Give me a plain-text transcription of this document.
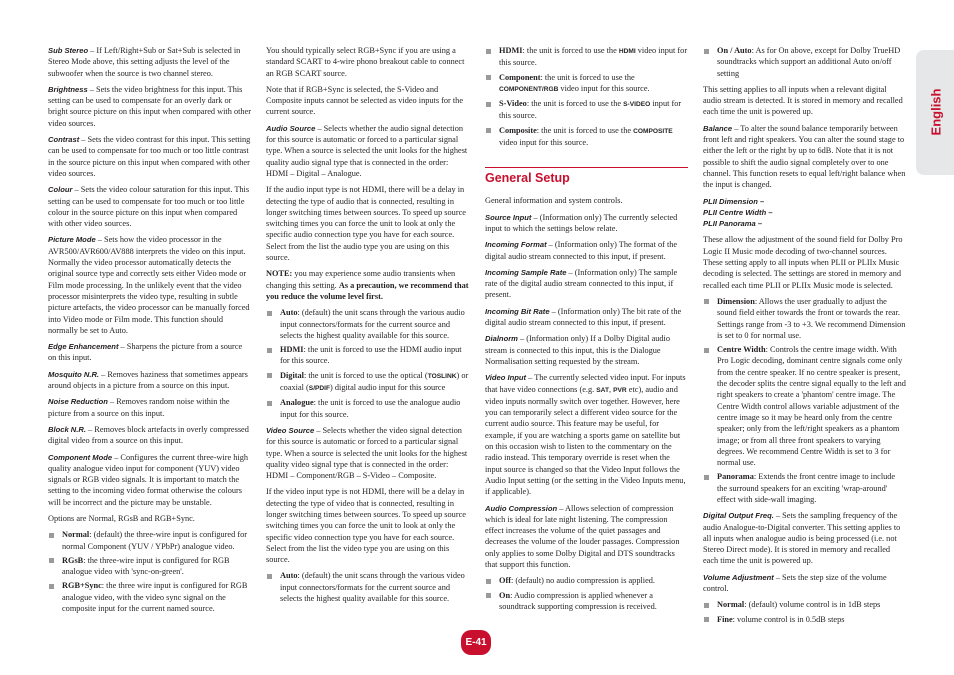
Sub Stereo – If Left/Right+Sub or Sat+Sub is selected in Stereo Mode above, this setting adjusts the level of the subwoofer when the source is two channel stereo.

Brightness – Sets the video brightness for this input. This setting can be used to compensate for an overly dark or bright source picture on this input when compared with other video sources.

Contrast – Sets the video contrast for this input. This setting can be used to compensate for too much or too little contrast in the source picture on this input when compared with other video sources.

Colour – Sets the video colour saturation for this input. This setting can be used to compensate for too much or too little colour in the source picture on this input when compared with other video sources.

Picture Mode – Sets how the video processor in the AVR500/AVR600/AV888 interprets the video on this input. Normally the video processor automatically detects the original source type and correctly sets either Video mode or Film mode processing. In the unlikely event that the video processor misinterprets the video type, resulting in subtle picture artefacts, the video processor can be manually forced into Video mode or Film mode. This function should normally be set to Auto.

Edge Enhancement – Sharpens the picture from a source on this input.

Mosquito N.R. – Removes haziness that sometimes appears around objects in a picture from a source on this input.

Noise Reduction – Removes random noise within the picture from a source on this input.

Block N.R. – Removes block artefacts in overly compressed digital video from a source on this input.

Component Mode – Configures the current three-wire high quality analogue video input for component (YUV) video signals or RGB video signals. It is important to match the setting to the incoming video format otherwise the colours will be incorrect and the picture may be unstable.

Options are Normal, RGsB and RGB+Sync.

Normal: (default) the three-wire input is configured for normal Component (YUV / YPbPr) analogue video.
RGsB: the three-wire input is configured for RGB analogue video with 'sync-on-green'.
RGB+Sync: the three wire input is configured for RGB analogue video, with the video sync signal on the composite input for the current named source.

You should typically select RGB+Sync if you are using a standard SCART to 4-wire phono breakout cable to connect an RGB SCART source.

Note that if RGB+Sync is selected, the S-Video and Composite inputs cannot be selected as video inputs for the current source.

Audio Source – Selects whether the audio signal detection for this source is automatic or forced to a particular signal type. When a source is selected the unit looks for the highest quality audio signal type that is connected in the order: HDMI – Digital – Analogue.

If the audio input type is not HDMI, there will be a delay in detecting the type of audio that is connected, resulting in longer switching times between sources. To speed up source switching times you can force the unit to look at only the specific audio connection type you have for each source. Select from the list the audio type you are using on this source.

NOTE: you may experience some audio transients when changing this setting. As a precaution, we recommend that you reduce the volume level first.

Auto: (default) the unit scans through the various audio input connectors/formats for the current source and selects the highest quality available for this source.
HDMI: the unit is forced to use the HDMI audio input for this source.
Digital: the unit is forced to use the optical (TOSLINK) or coaxial (S/PDIF) digital audio input for this source
Analogue: the unit is forced to use the analogue audio input for this source.

Video Source – Selects whether the video signal detection for this source is automatic or forced to a particular signal type. When a source is selected the unit looks for the highest quality video signal type that is connected in the order: HDMI – Component/RGB – S-Video – Composite.

If the video input type is not HDMI, there will be a delay in detecting the type of video that is connected, resulting in longer switching times between sources. To speed up source switching times you can force the unit to look at only the specific video connection type you have for each source. Select from the list the video type you are using on this source.

Auto: (default) the unit scans through the various video input connectors/formats for the current source and selects the highest quality available for this source.
HDMI: the unit is forced to use the HDMI video input for this source.
Component: the unit is forced to use the COMPONENT/RGB video input for this source.
S-Video: the unit is forced to use the S-VIDEO input for this source.
Composite: the unit is forced to use the COMPOSITE video input for this source.
General Setup

General information and system controls.

Source Input – (Information only) The currently selected input to which the settings below relate.

Incoming Format – (Information only) The format of the digital audio stream connected to this input, if present.

Incoming Sample Rate – (Information only) The sample rate of the digital audio stream connected to this input, if present.

Incoming Bit Rate – (Information only) The bit rate of the digital audio stream connected to this input, if present.

Dialnorm – (Information only) If a Dolby Digital audio stream is connected to this input, this is the Dialogue Normalisation setting requested by the stream.

Video Input – The currently selected video input. For inputs that have video connections (e.g. SAT, PVR etc), audio and video inputs normally switch over together. However, here you can temporarily select a different video source for the current audio source. This feature may be useful, for example, if you are watching a sports game on satellite but on this occasion wish to listen to the commentary on the radio instead. This temporary override is reset when the input source is changed so that the Video Input follows the Audio Input setting (or the setting in the Video Inputs menu, if applicable).

Audio Compression – Allows selection of compression which is ideal for late night listening. The compression effect increases the volume of the quiet passages and decreases the volume of the louder passages. Compression only applies to some Dolby Digital and DTS soundtracks that support this function.

Off: (default) no audio compression is applied.
On: Audio compression is applied whenever a soundtrack supporting compression is received.
On / Auto: As for On above, except for Dolby TrueHD soundtracks which support an additional Auto on/off setting

This setting applies to all inputs when a relevant digital audio stream is detected. It is stored in memory and recalled each time the unit is powered up.

Balance – To alter the sound balance temporarily between front left and right speakers. You can alter the sound stage to either the left or the right by up to 6dB. Note that it is not possible to shift the audio signal completely over to one channel. This function resets to equal left/right balance when the input is changed.

PLII Dimension –
PLII Centre Width –
PLII Panorama –

These allow the adjustment of the sound field for Dolby Pro Logic II Music mode decoding of two-channel sources. These setting apply to all inputs when PLII or PLIIx Music decoding is selected. The settings are stored in memory and recalled each time PLII or PLIIx Music mode is selected.

Dimension: Allows the user gradually to adjust the sound field either towards the front or towards the rear. Settings range from -3 to +3. We recommend Dimension is set to 0 for normal use.
Centre Width: Controls the centre image width. With Pro Logic decoding, dominant centre signals come only from the centre speaker. If no centre speaker is present, the decoder splits the centre signal equally to the left and right speakers to create a 'phantom' centre image. The Centre Width control allows variable adjustment of the centre image so it may be heard only from the centre speaker; only from the left/right speakers as a phantom image; or from all three front speakers to varying degrees. We recommend Centre Width is set to 3 for normal use.
Panorama: Extends the front centre image to include the surround speakers for an exciting 'wrap-around' effect with side-wall imaging.

Digital Output Freq. – Sets the sampling frequency of the audio Analogue-to-Digital converter. This setting applies to all inputs when analogue audio is being processed (i.e. not Stereo Direct mode). It is stored in memory and recalled each time the unit is powered up.

Volume Adjustment – Sets the step size of the volume control.

Normal: (default) volume control is in 1dB steps
Fine: volume control is in 0.5dB steps
English
E-41
